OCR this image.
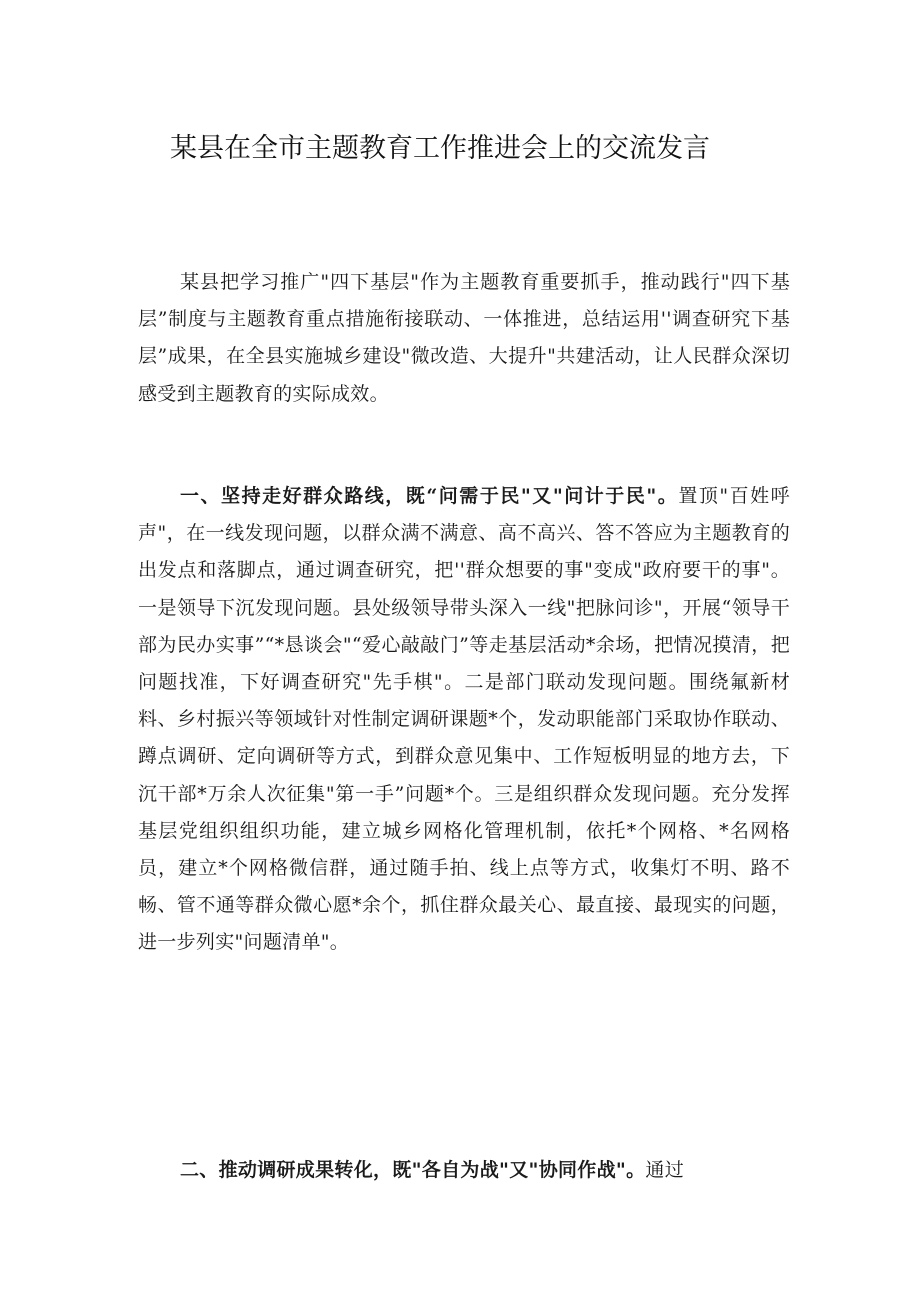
某县在全市主题教育工作推进会上的交流发言
某县把学习推广"四下基层"作为主题教育重要抓手，推动践行"四下基层”制度与主题教育重点措施衔接联动、一体推进，总结运用''调查研究下基层”成果，在全县实施城乡建设"微改造、大提升"共建活动，让人民群众深切感受到主题教育的实际成效。
一、坚持走好群众路线，既“问需于民"又"问计于民"。置顶"百姓呼声"，在一线发现问题，以群众满不满意、高不高兴、答不答应为主题教育的出发点和落脚点，通过调查研究，把''群众想要的事"变成"政府要干的事"。一是领导下沉发现问题。县处级领导带头深入一线"把脉问诊"，开展“领导干部为民办实事”“*恳谈会"“爱心敲敲门”等走基层活动*余场，把情况摸清，把问题找准，下好调查研究"先手棋"。二是部门联动发现问题。围绕氟新材料、乡村振兴等领域针对性制定调研课题*个，发动职能部门采取协作联动、蹲点调研、定向调研等方式，到群众意见集中、工作短板明显的地方去，下沉干部*万余人次征集"第一手”问题*个。三是组织群众发现问题。充分发挥基层党组织组织功能，建立城乡网格化管理机制，依托*个网格、*名网格员，建立*个网格微信群，通过随手拍、线上点等方式，收集灯不明、路不畅、管不通等群众微心愿*余个，抓住群众最关心、最直接、最现实的问题，进一步列实"问题清单"。
二、推动调研成果转化，既"各自为战"又"协同作战"。通过
